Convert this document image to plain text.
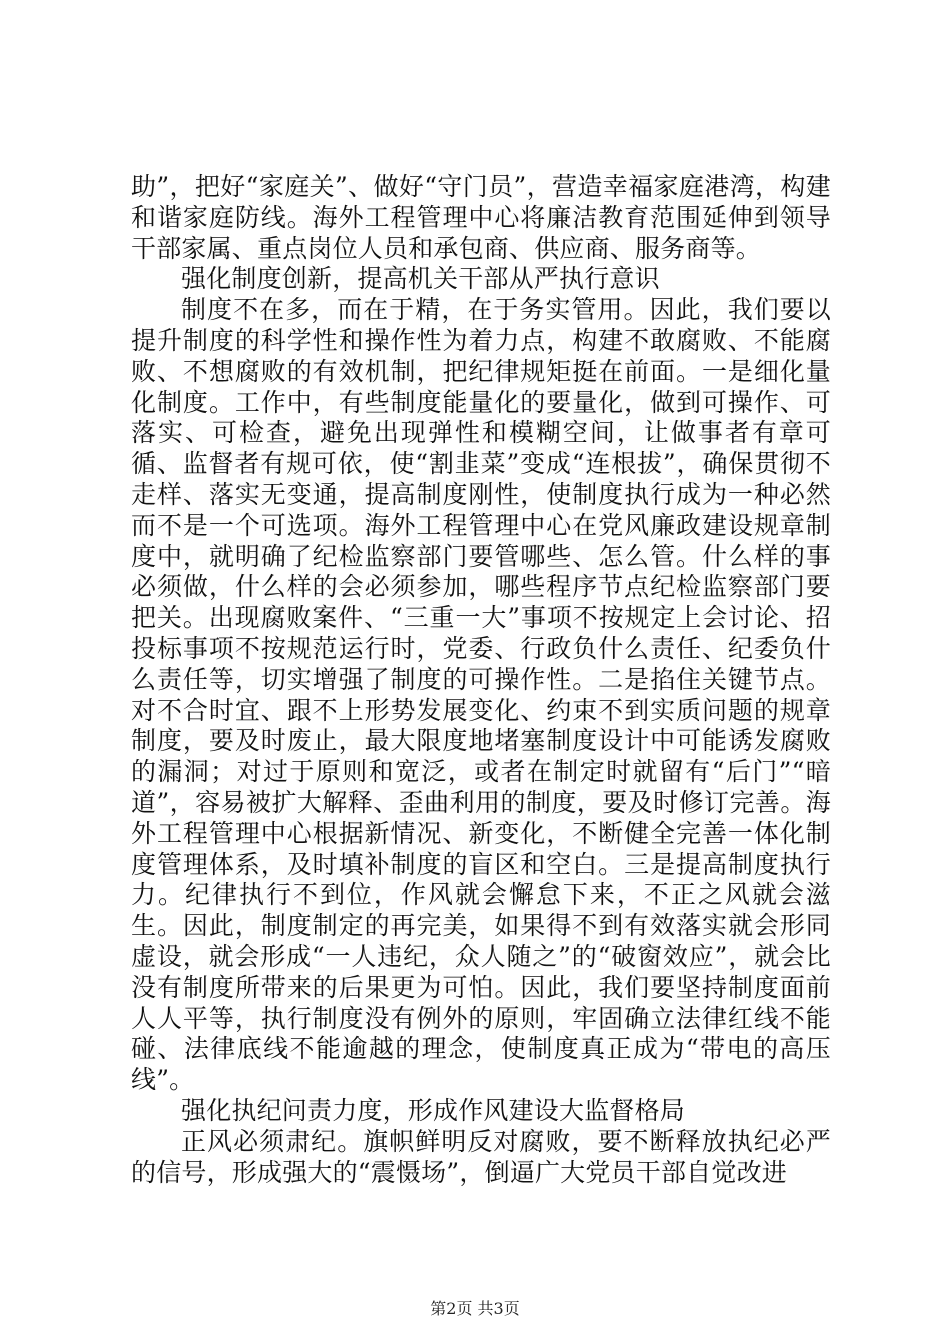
助”，把好“家庭关”、做好“守门员”，营造幸福家庭港湾，构建和谐家庭防线。海外工程管理中心将廉洁教育范围延伸到领导干部家属、重点岗位人员和承包商、供应商、服务商等。

强化制度创新，提高机关干部从严执行意识

制度不在多，而在于精，在于务实管用。因此，我们要以提升制度的科学性和操作性为着力点，构建不敢腐败、不能腐败、不想腐败的有效机制，把纪律规矩挺在前面。一是细化量化制度。工作中，有些制度能量化的要量化，做到可操作、可落实、可检查，避免出现弹性和模糊空间，让做事者有章可循、监督者有规可依，使“割韭菜”变成“连根拔”，确保贯彻不走样、落实无变通，提高制度刚性，使制度执行成为一种必然而不是一个可选项。海外工程管理中心在党风廉政建设规章制度中，就明确了纪检监察部门要管哪些、怎么管。什么样的事必须做，什么样的会必须参加，哪些程序节点纪检监察部门要把关。出现腐败案件、“三重一大”事项不按规定上会讨论、招投标事项不按规范运行时，党委、行政负什么责任、纪委负什么责任等，切实增强了制度的可操作性。二是掐住关键节点。对不合时宜、跟不上形势发展变化、约束不到实质问题的规章制度，要及时废止，最大限度地堵塞制度设计中可能诱发腐败的漏洞；对过于原则和宽泛，或者在制定时就留有“后门”“暗道”，容易被扩大解释、歪曲利用的制度，要及时修订完善。海外工程管理中心根据新情况、新变化，不断健全完善一体化制度管理体系，及时填补制度的盲区和空白。三是提高制度执行力。纪律执行不到位，作风就会懈怠下来，不正之风就会滋生。因此，制度制定的再完美，如果得不到有效落实就会形同虚设，就会形成“一人违纪，众人随之”的“破窗效应”，就会比没有制度所带来的后果更为可怕。因此，我们要坚持制度面前人人平等，执行制度没有例外的原则，牢固确立法律红线不能碰、法律底线不能逾越的理念，使制度真正成为“带电的高压线”。

强化执纪问责力度，形成作风建设大监督格局

正风必须肃纪。旗帜鲜明反对腐败，要不断释放执纪必严的信号，形成强大的“震慑场”，倒逼广大党员干部自觉改进

第2页 共3页
